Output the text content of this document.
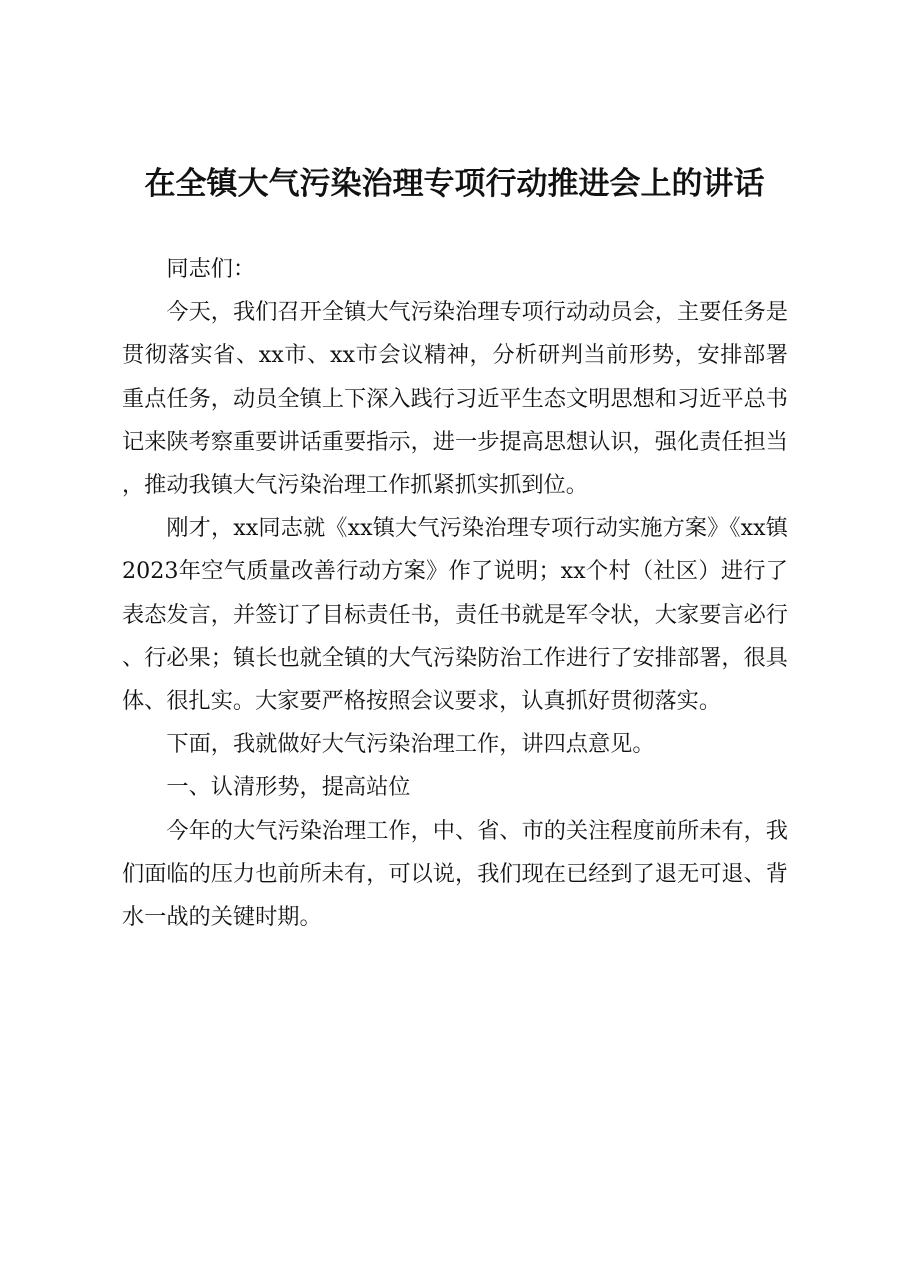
在全镇大气污染治理专项行动推进会上的讲话

同志们：

今天，我们召开全镇大气污染治理专项行动动员会，主要任务是贯彻落实省、xx市、xx市会议精神，分析研判当前形势，安排部署重点任务，动员全镇上下深入践行习近平生态文明思想和习近平总书记来陕考察重要讲话重要指示，进一步提高思想认识，强化责任担当，推动我镇大气污染治理工作抓紧抓实抓到位。

刚才，xx同志就《xx镇大气污染治理专项行动实施方案》《xx镇2023年空气质量改善行动方案》作了说明；xx个村（社区）进行了表态发言，并签订了目标责任书，责任书就是军令状，大家要言必行、行必果；镇长也就全镇的大气污染防治工作进行了安排部署，很具体、很扎实。大家要严格按照会议要求，认真抓好贯彻落实。

下面，我就做好大气污染治理工作，讲四点意见。

一、认清形势，提高站位

今年的大气污染治理工作，中、省、市的关注程度前所未有，我们面临的压力也前所未有，可以说，我们现在已经到了退无可退、背水一战的关键时期。
